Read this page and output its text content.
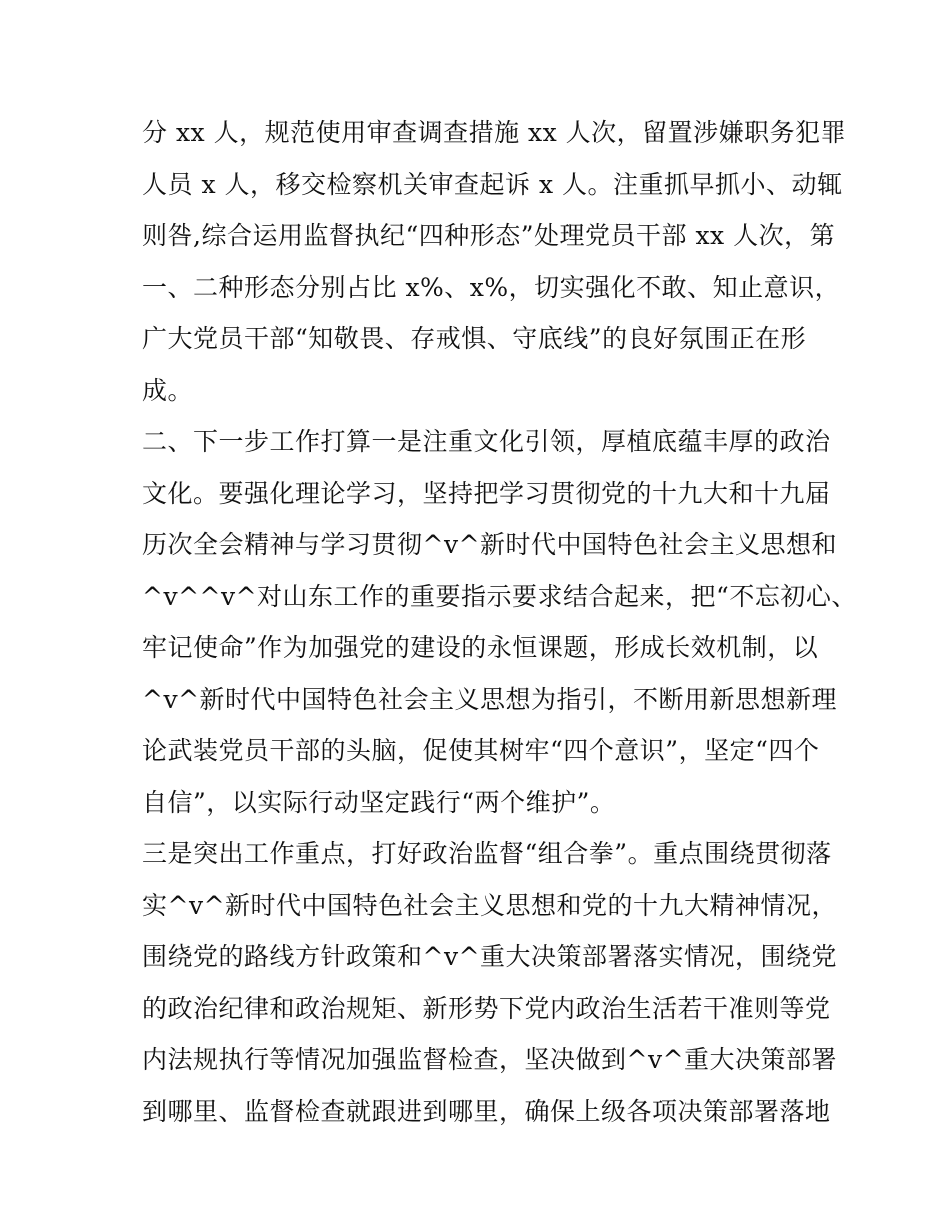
分 xx 人，规范使用审查调查措施 xx 人次，留置涉嫌职务犯罪
人员 x 人，移交检察机关审查起诉 x 人。注重抓早抓小、动辄
则咎,综合运用监督执纪“四种形态”处理党员干部 xx 人次，第
一、二种形态分别占比 x%、x%，切实强化不敢、知止意识，
广大党员干部“知敬畏、存戒惧、守底线”的良好氛围正在形
成。
二、下一步工作打算一是注重文化引领，厚植底蕴丰厚的政治
文化。要强化理论学习，坚持把学习贯彻党的十九大和十九届
历次全会精神与学习贯彻^v^新时代中国特色社会主义思想和
^v^^v^对山东工作的重要指示要求结合起来，把“不忘初心、
牢记使命”作为加强党的建设的永恒课题，形成长效机制，以
^v^新时代中国特色社会主义思想为指引，不断用新思想新理
论武装党员干部的头脑，促使其树牢“四个意识”，坚定“四个
自信”，以实际行动坚定践行“两个维护”。
三是突出工作重点，打好政治监督“组合拳”。重点围绕贯彻落
实^v^新时代中国特色社会主义思想和党的十九大精神情况，
围绕党的路线方针政策和^v^重大决策部署落实情况，围绕党
的政治纪律和政治规矩、新形势下党内政治生活若干准则等党
内法规执行等情况加强监督检查，坚决做到^v^重大决策部署
到哪里、监督检查就跟进到哪里，确保上级各项决策部署落地
